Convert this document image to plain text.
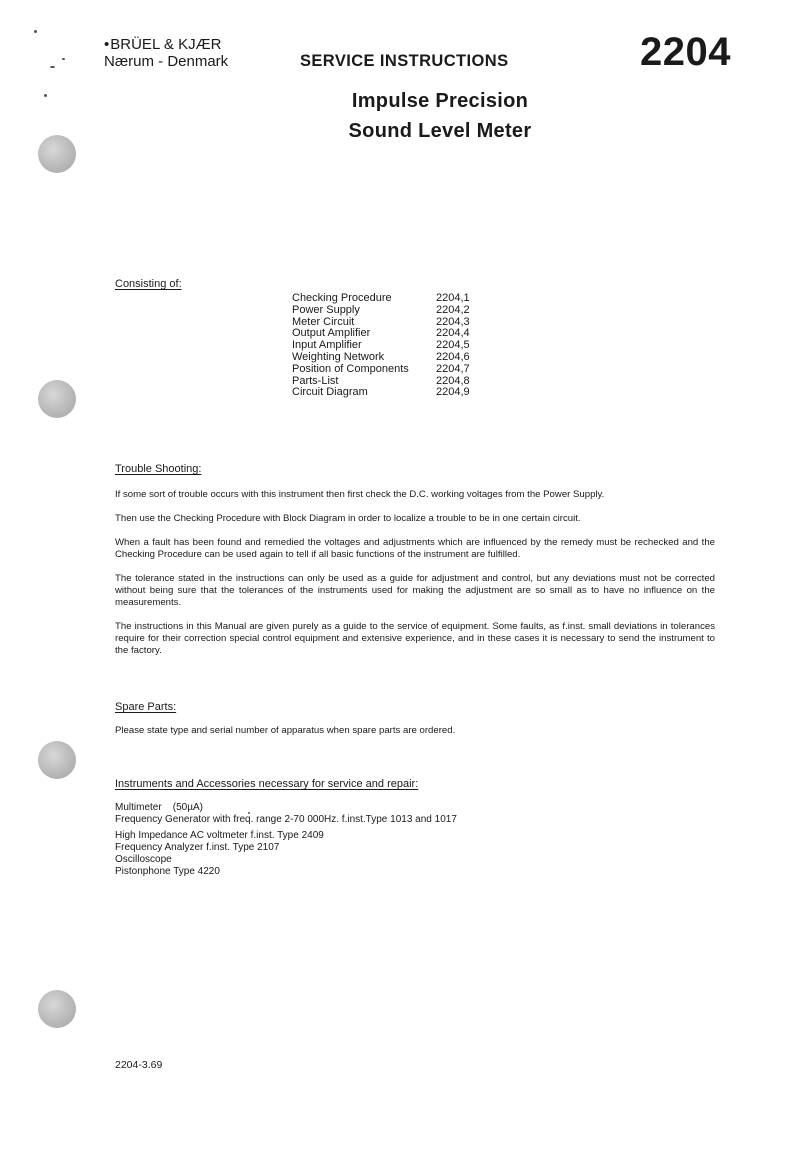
•BRÜEL & KJÆR
Nærum - Denmark	SERVICE INSTRUCTIONS	2204
Impulse Precision
Sound Level Meter
Consisting of:
Checking Procedure	2204,1
Power Supply	2204,2
Meter Circuit	2204,3
Output Amplifier	2204,4
Input Amplifier	2204,5
Weighting Network	2204,6
Position of Components	2204,7
Parts-List	2204,8
Circuit Diagram	2204,9
Trouble Shooting:
If some sort of trouble occurs with this instrument then first check the D.C. working voltages from the Power Supply.
Then use the Checking Procedure with Block Diagram in order to localize a trouble to be in one certain circuit.
When a fault has been found and remedied the voltages and adjustments which are influenced by the remedy must be rechecked and the Checking Procedure can be used again to tell if all basic functions of the instrument are fulfilled.
The tolerance stated in the instructions can only be used as a guide for adjustment and control, but any deviations must not be corrected without being sure that the tolerances of the instruments used for making the adjustment are so small as to have no influence on the measurements.
The instructions in this Manual are given purely as a guide to the service of equipment. Some faults, as f.inst. small deviations in tolerances require for their correction special control equipment and extensive experience, and in these cases it is necessary to send the instrument to the factory.
Spare Parts:
Please state type and serial number of apparatus when spare parts are ordered.
Instruments and Accessories necessary for service and repair:
Multimeter    (50µA)
Frequency Generator with freq. range 2-70 000Hz. f.inst.Type 1013 and 1017
High Impedance AC voltmeter f.inst. Type 2409
Frequency Analyzer f.inst. Type 2107
Oscilloscope
Pistonphone Type 4220
2204-3.69
